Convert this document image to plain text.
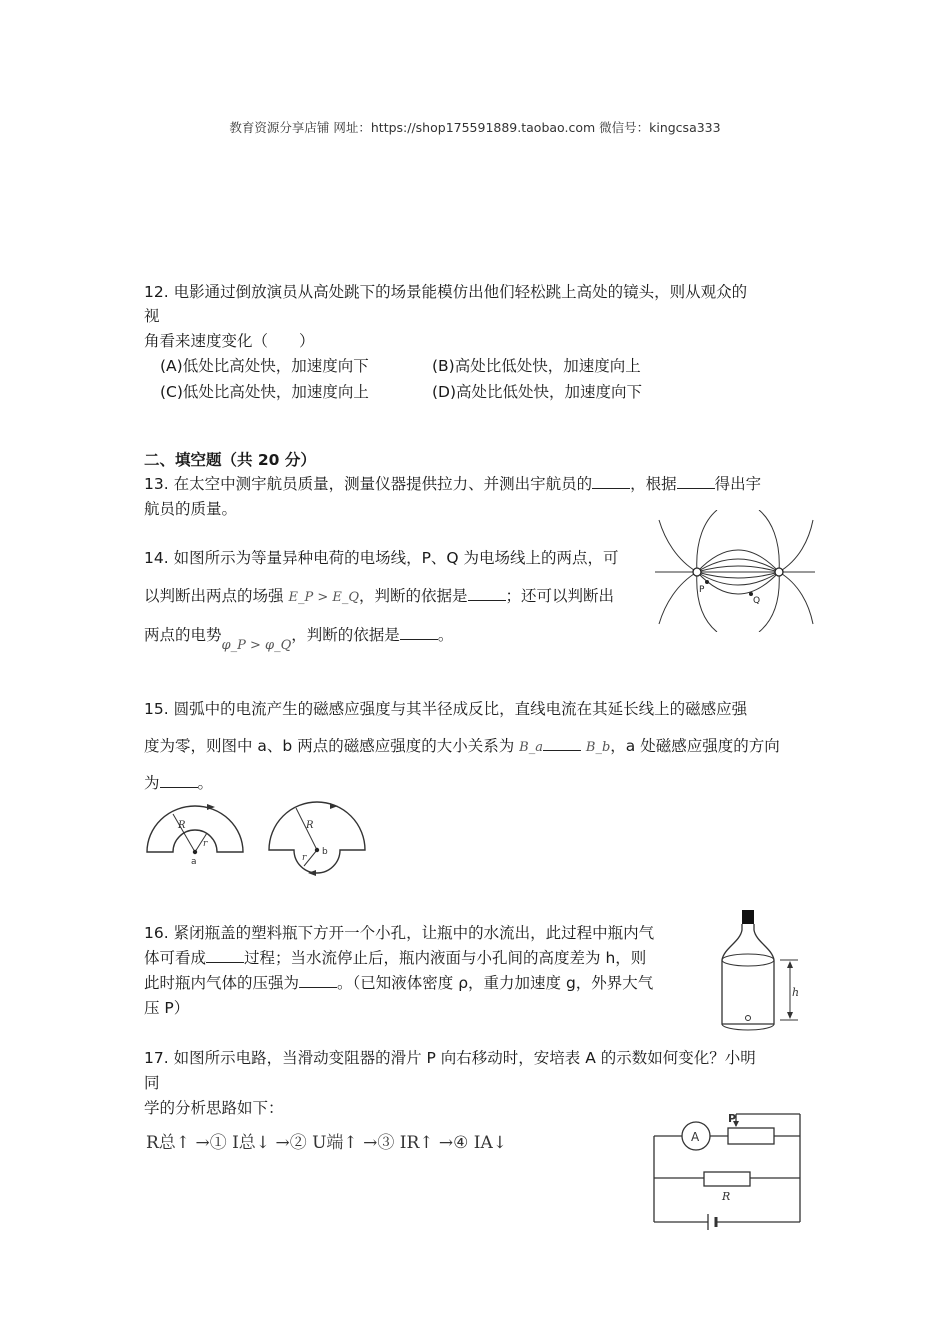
教育资源分享店铺 网址：https://shop175591889.taobao.com 微信号：kingcsa333
12. 电影通过倒放演员从高处跳下的场景能模仿出他们轻松跳上高处的镜头，则从观众的
视
角看来速度变化（　　）
(A)低处比高处快，加速度向下	(B)高处比低处快，加速度向上
(C)低处比高处快，加速度向上	(D)高处比低处快，加速度向下
二、填空题（共 20 分）
13. 在太空中测宇航员质量，测量仪器提供拉力、并测出宇航员的 ，根据 得出宇
航员的质量。
14. 如图所示为等量异种电荷的电场线，P、Q 为电场线上的两点，可
以判断出两点的场强 E_P > E_Q，判断的依据是 ；还可以判断出
两点的电势$_{\varphi\_P > \varphi\_Q}$，判断的依据是 。
P
Q
15. 圆弧中的电流产生的磁感应强度与其半径成反比，直线电流在其延长线上的磁感应强
度为零，则图中 a、b 两点的磁感应强度的大小关系为 B_a	B_b，a 处磁感应强度的方向
为 。
R
r
a
R
r
b
16. 紧闭瓶盖的塑料瓶下方开一个小孔，让瓶中的水流出，此过程中瓶内气
体可看成 过程；当水流停止后，瓶内液面与小孔间的高度差为 h，则
此时瓶内气体的压强为 。（已知液体密度 ρ，重力加速度 g，外界大气
压 P）
h
17. 如图所示电路，当滑动变阻器的滑片 P 向右移动时，安培表 A 的示数如何变化？小明
同
学的分析思路如下：
R总↑ →① I总↓ →② U端↑ →③ IR↑ →④ IA↓	A
P
R
